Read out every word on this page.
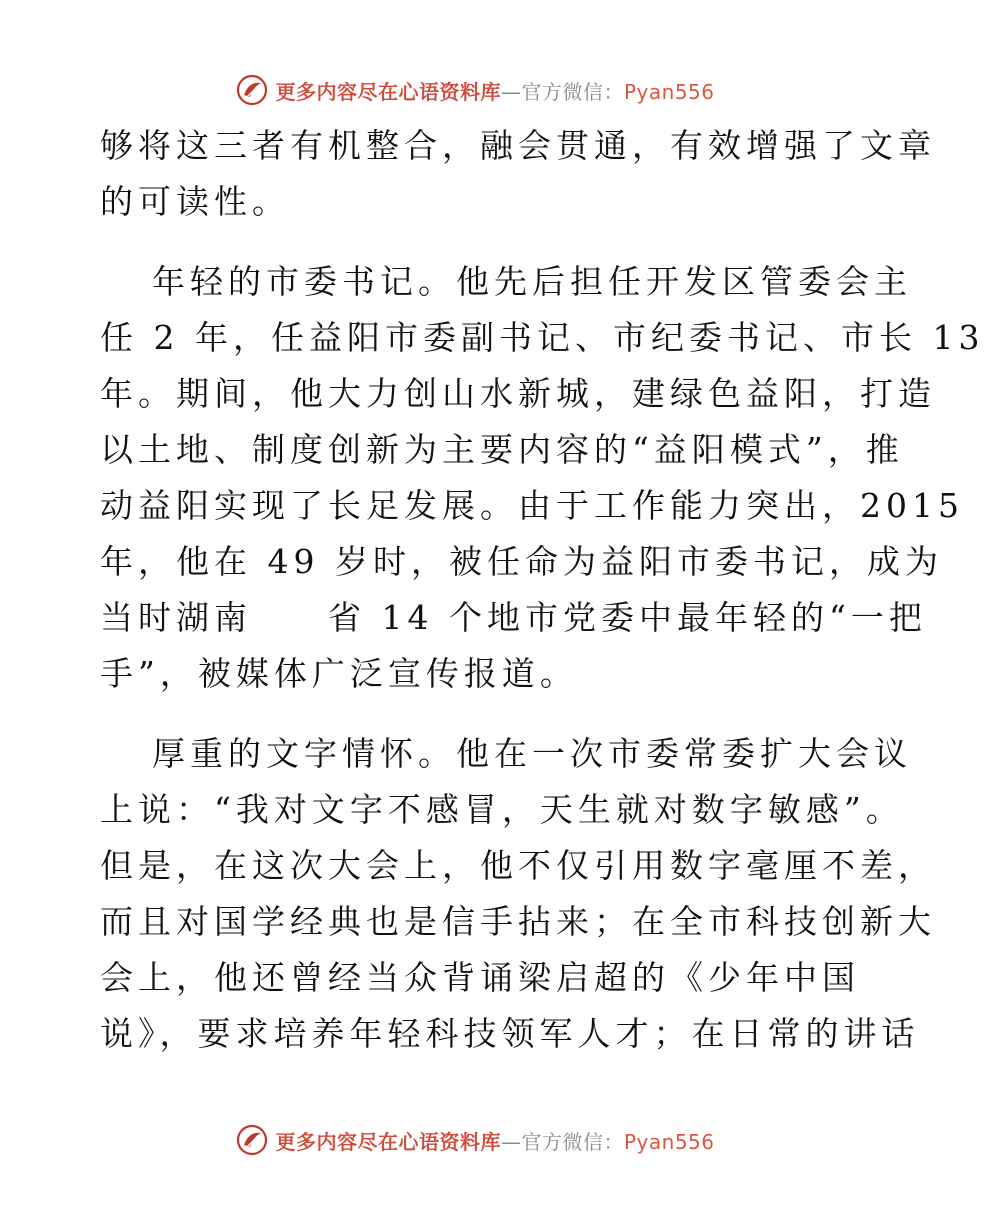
更多内容尽在心语资料库—官方微信：Pyan556
够将这三者有机整合，融会贯通，有效增强了文章
的可读性。
年轻的市委书记。他先后担任开发区管委会主
任 2 年，任益阳市委副书记、市纪委书记、市长 13
年。期间，他大力创山水新城，建绿色益阳，打造
以土地、制度创新为主要内容的“益阳模式”，推
动益阳实现了长足发展。由于工作能力突出，2015
年，他在 49 岁时，被任命为益阳市委书记，成为
当时湖南　　省 14 个地市党委中最年轻的“一把
手”，被媒体广泛宣传报道。
厚重的文字情怀。他在一次市委常委扩大会议
上说：“我对文字不感冒，天生就对数字敏感”。
但是，在这次大会上，他不仅引用数字毫厘不差，
而且对国学经典也是信手拈来；在全市科技创新大
会上，他还曾经当众背诵梁启超的《少年中国
说》，要求培养年轻科技领军人才；在日常的讲话
更多内容尽在心语资料库—官方微信：Pyan556
